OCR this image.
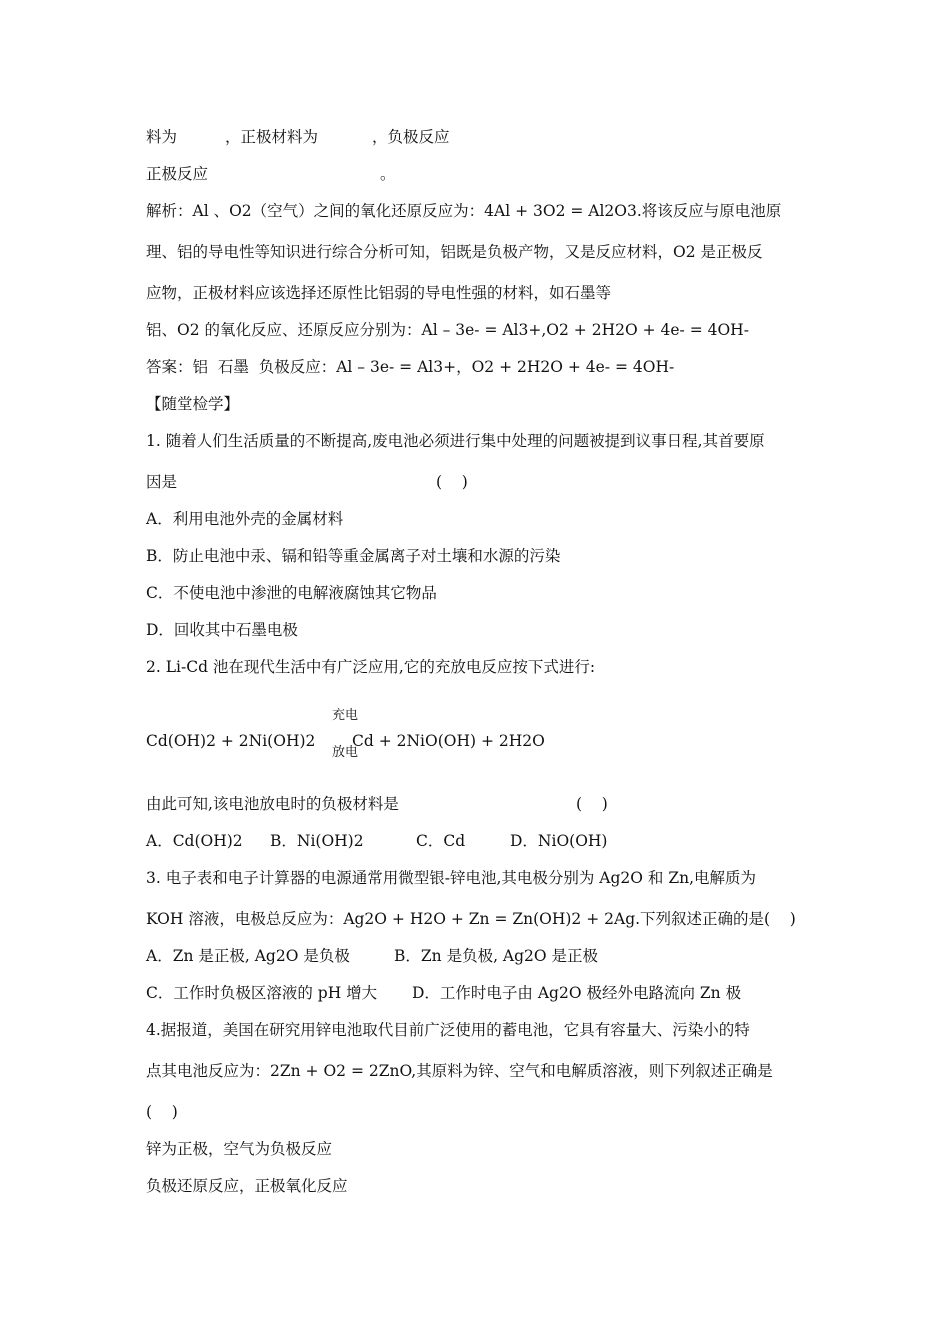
料为	，正极材料为	，负极反应
正极反应	。
解析：Al 、O2（空气）之间的氧化还原反应为：4Al + 3O2 = Al2O3.将该反应与原电池原
理、铝的导电性等知识进行综合分析可知，铝既是负极产物，又是反应材料，O2 是正极反
应物，正极材料应该选择还原性比铝弱的导电性强的材料，如石墨等
铝、O2 的氧化反应、还原反应分别为：Al – 3e- = Al3+,O2 + 2H2O + 4e- = 4OH-
答案：铝  石墨  负极反应：Al – 3e- = Al3+，O2 + 2H2O + 4e- = 4OH-
【随堂检学】
1. 随着人们生活质量的不断提高,废电池必须进行集中处理的问题被提到议事日程,其首要原
因是	(    )
A．利用电池外壳的金属材料
B．防止电池中汞、镉和铅等重金属离子对土壤和水源的污染
C．不使电池中渗泄的电解液腐蚀其它物品
D．回收其中石墨电极
2. Li-Cd 池在现代生活中有广泛应用,它的充放电反应按下式进行:
充电
Cd(OH)2 + 2Ni(OH)2 Cd + 2NiO(OH) + 2H2O
放电
由此可知,该电池放电时的负极材料是	(    )
A．Cd(OH)2 B．Ni(OH)2	C．Cd	D．NiO(OH)
3. 电子表和电子计算器的电源通常用微型银-锌电池,其电极分别为 Ag2O 和 Zn,电解质为
KOH 溶液，电极总反应为：Ag2O + H2O + Zn = Zn(OH)2 + 2Ag.下列叙述正确的是(    )
A．Zn 是正极, Ag2O 是负极	B．Zn 是负极, Ag2O 是正极
C．工作时负极区溶液的 pH 增大 D．工作时电子由 Ag2O 极经外电路流向 Zn 极
4.据报道，美国在研究用锌电池取代目前广泛使用的蓄电池，它具有容量大、污染小的特
点其电池反应为：2Zn + O2 = 2ZnO,其原料为锌、空气和电解质溶液，则下列叙述正确是
(    )
锌为正极，空气为负极反应
负极还原反应，正极氧化反应
